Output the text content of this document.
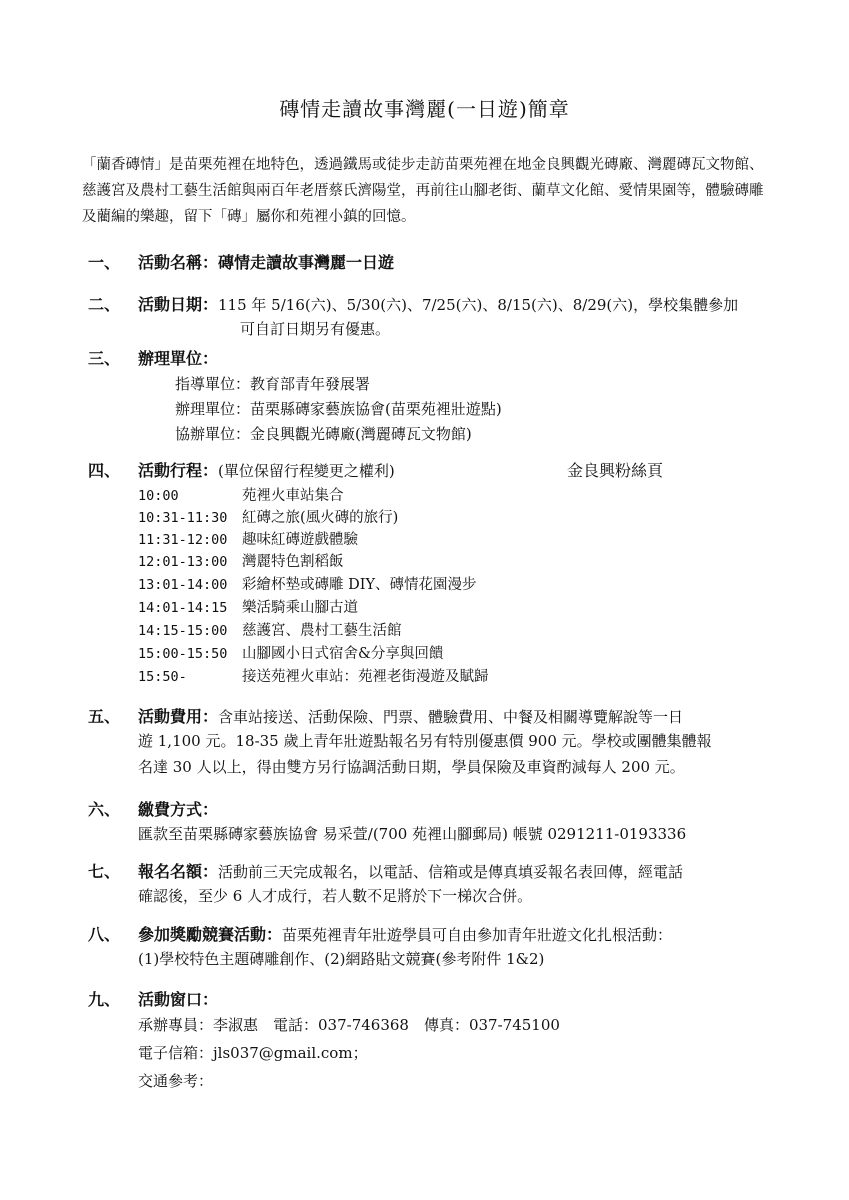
磚情走讀故事灣麗(一日遊)簡章
「蘭香磚情」是苗栗苑裡在地特色，透過鐵馬或徒步走訪苗栗苑裡在地金良興觀光磚廠、灣麗磚瓦文物館、慈護宮及農村工藝生活館與兩百年老厝蔡氏濟陽堂，再前往山腳老街、蘭草文化館、愛情果園等，體驗磚雕及藺編的樂趣，留下「磚」屬你和苑裡小鎮的回憶。
一、 活動名稱：磚情走讀故事灣麗一日遊
二、 活動日期：115 年 5/16(六)、5/30(六)、7/25(六)、8/15(六)、8/29(六)，學校集體參加
可自訂日期另有優惠。
三、 辦理單位：
指導單位：教育部青年發展署
辦理單位：苗栗縣磚家藝族協會(苗栗苑裡壯遊點)
協辦單位：金良興觀光磚廠(灣麗磚瓦文物館)
四、 活動行程：(單位保留行程變更之權利)	金良興粉絲頁
10:00	苑裡火車站集合
10:31-11:30 紅磚之旅(風火磚的旅行)
11:31-12:00 趣味紅磚遊戲體驗
12:01-13:00 灣麗特色割稻飯
13:01-14:00 彩繪杯墊或磚雕 DIY、磚情花園漫步
14:01-14:15 樂活騎乘山腳古道
14:15-15:00 慈護宮、農村工藝生活館
15:00-15:50 山腳國小日式宿舍&分享與回饋
15:50-	接送苑裡火車站：苑裡老街漫遊及賦歸
五、 活動費用：含車站接送、活動保險、門票、體驗費用、中餐及相關導覽解說等一日
遊 1,100 元。18-35 歲上青年壯遊點報名另有特別優惠價 900 元。學校或團體集體報
名達 30 人以上，得由雙方另行協調活動日期，學員保險及車資酌減每人 200 元。
六、 繳費方式：
匯款至苗栗縣磚家藝族協會 易采萱/(700 苑裡山腳郵局) 帳號 0291211-0193336
七、 報名名額：活動前三天完成報名，以電話、信箱或是傳真填妥報名表回傳，經電話
確認後，至少 6 人才成行，若人數不足將於下一梯次合併。
八、 參加獎勵競賽活動：苗栗苑裡青年壯遊學員可自由參加青年壯遊文化扎根活動：
(1)學校特色主題磚雕創作、(2)網路貼文競賽(參考附件 1&2)
九、 活動窗口：
承辦專員：李淑惠　電話：037-746368　傳真：037-745100
電子信箱：jls037@gmail.com；
交通參考：
